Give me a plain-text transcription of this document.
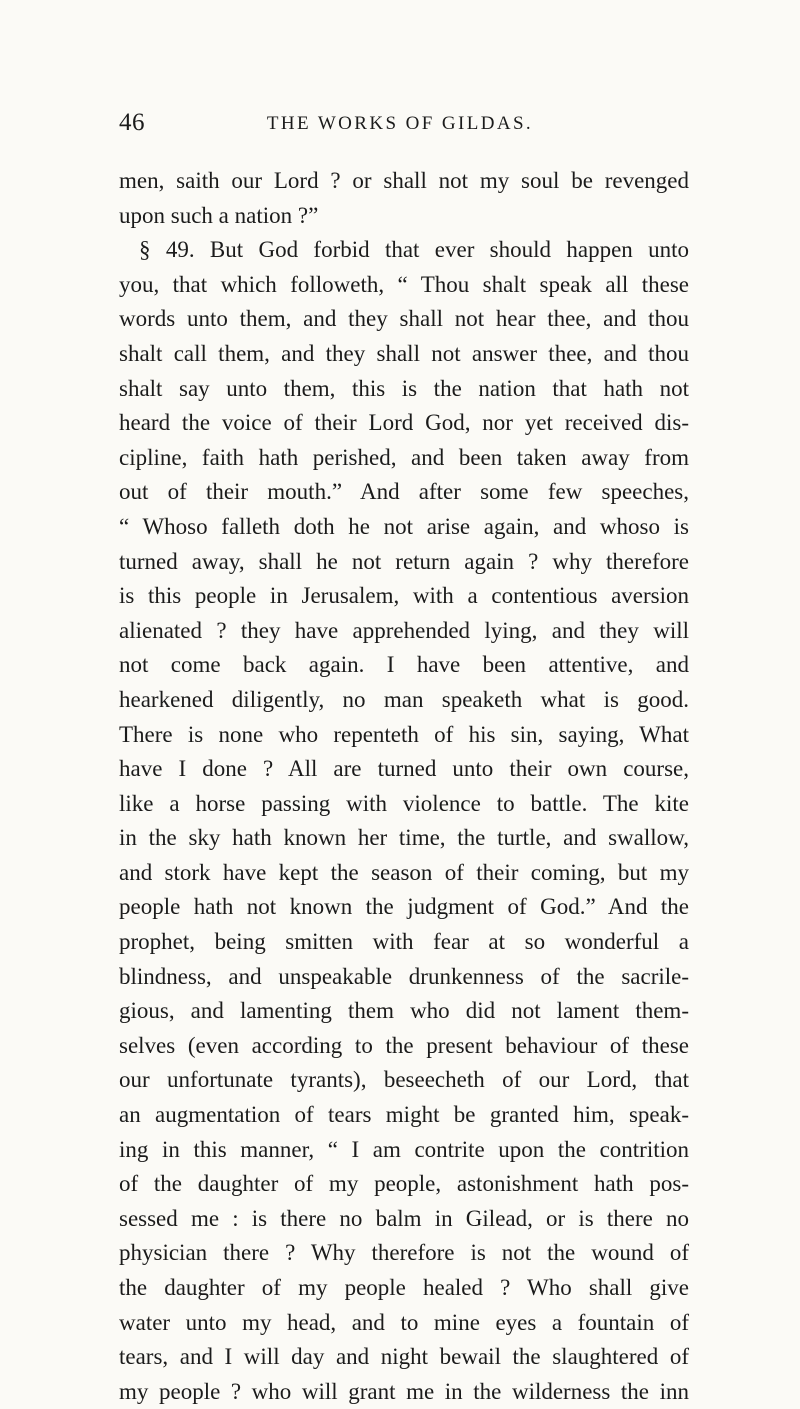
46	THE WORKS OF GILDAS.
men, saith our Lord ? or shall not my soul be revenged
upon such a nation ?”
§ 49. But God forbid that ever should happen unto
you, that which followeth, “ Thou shalt speak all these
words unto them, and they shall not hear thee, and thou
shalt call them, and they shall not answer thee, and thou
shalt say unto them, this is the nation that hath not
heard the voice of their Lord God, nor yet received dis-
cipline, faith hath perished, and been taken away from
out of their mouth.” And after some few speeches,
“ Whoso falleth doth he not arise again, and whoso is
turned away, shall he not return again ? why therefore
is this people in Jerusalem, with a contentious aversion
alienated ? they have apprehended lying, and they will
not come back again. I have been attentive, and
hearkened diligently, no man speaketh what is good.
There is none who repenteth of his sin, saying, What
have I done ? All are turned unto their own course,
like a horse passing with violence to battle. The kite
in the sky hath known her time, the turtle, and swallow,
and stork have kept the season of their coming, but my
people hath not known the judgment of God.” And the
prophet, being smitten with fear at so wonderful a
blindness, and unspeakable drunkenness of the sacrile-
gious, and lamenting them who did not lament them-
selves (even according to the present behaviour of these
our unfortunate tyrants), beseecheth of our Lord, that
an augmentation of tears might be granted him, speak-
ing in this manner, “ I am contrite upon the contrition
of the daughter of my people, astonishment hath pos-
sessed me : is there no balm in Gilead, or is there no
physician there ? Why therefore is not the wound of
the daughter of my people healed ? Who shall give
water unto my head, and to mine eyes a fountain of
tears, and I will day and night bewail the slaughtered of
my people ? who will grant me in the wilderness the inn
